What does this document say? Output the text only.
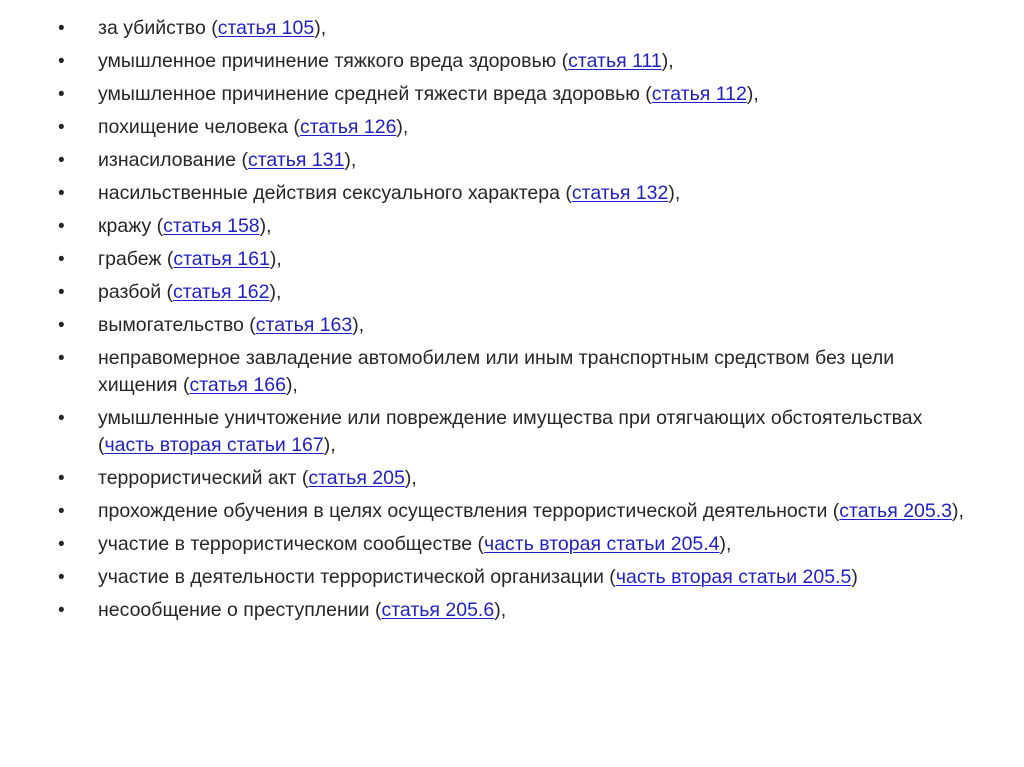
• за убийство (статья 105),
• умышленное причинение тяжкого вреда здоровью (статья 111),
• умышленное причинение средней тяжести вреда здоровью (статья 112),
• похищение человека (статья 126),
• изнасилование (статья 131),
• насильственные действия сексуального характера (статья 132),
• кражу (статья 158),
• грабеж (статья 161),
• разбой (статья 162),
• вымогательство (статья 163),
• неправомерное завладение автомобилем или иным транспортным средством без цели хищения (статья 166),
• умышленные уничтожение или повреждение имущества при отягчающих обстоятельствах (часть вторая статьи 167),
• террористический акт (статья 205),
• прохождение обучения в целях осуществления террористической деятельности (статья 205.3),
• участие в террористическом сообществе (часть вторая статьи 205.4),
• участие в деятельности террористической организации (часть вторая статьи 205.5)
• несообщение о преступлении (статья 205.6),
